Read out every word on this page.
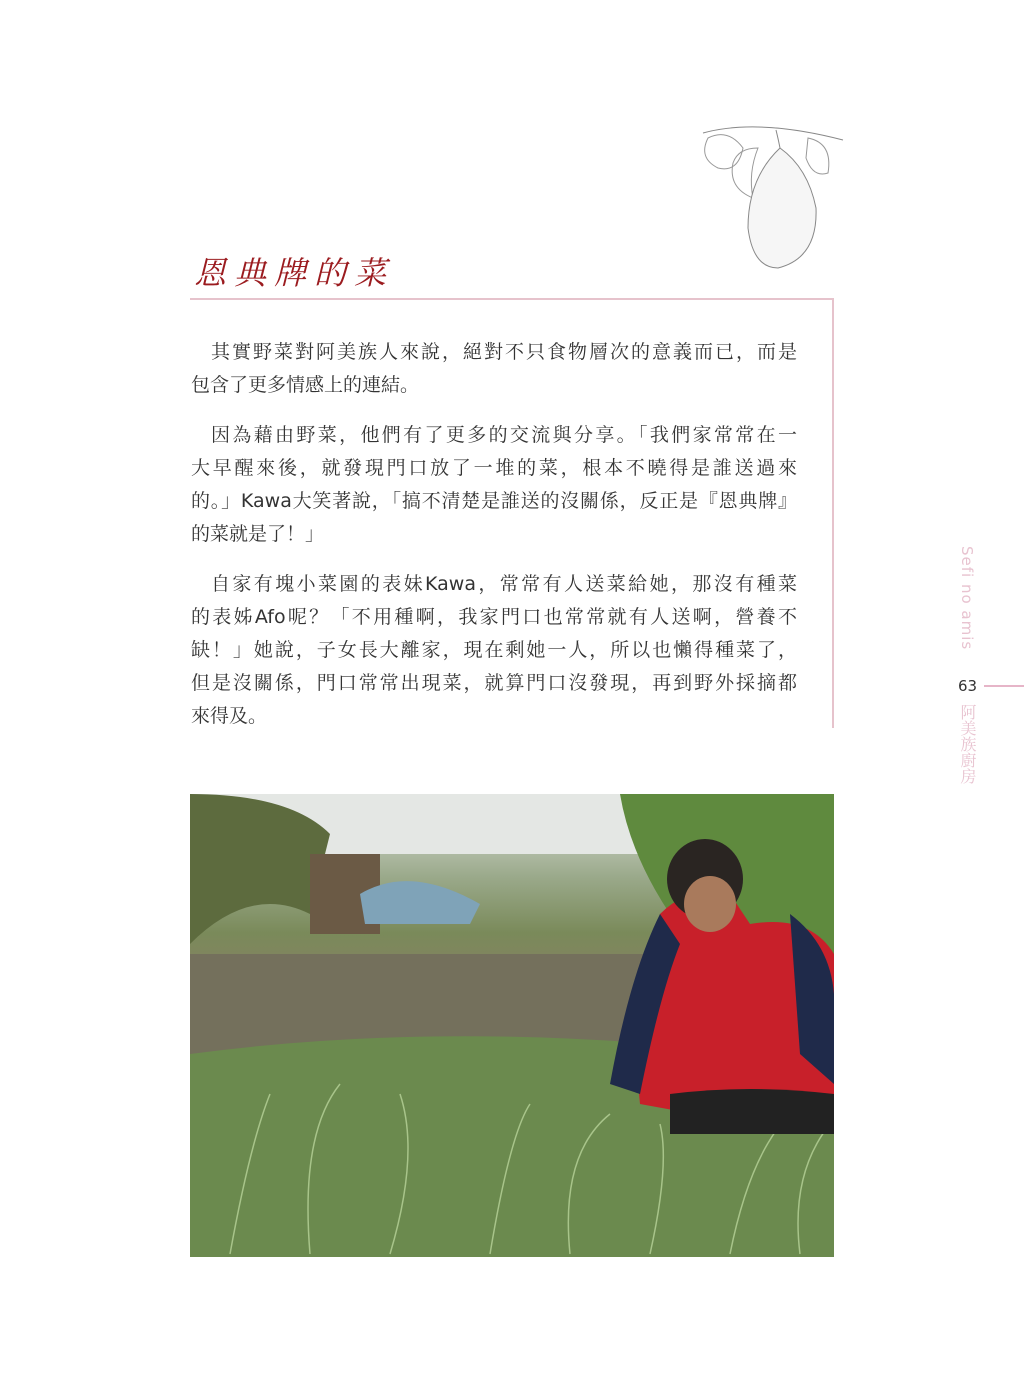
恩典牌的菜
其實野菜對阿美族人來說，絕對不只食物層次的意義而已，而是
包含了更多情感上的連結。
因為藉由野菜，他們有了更多的交流與分享。「我們家常常在一
大早醒來後，就發現門口放了一堆的菜，根本不曉得是誰送過來
的。」Kawa大笑著說，「搞不清楚是誰送的沒關係，反正是『恩典牌』
的菜就是了！」
自家有塊小菜園的表妹Kawa，常常有人送菜給她，那沒有種菜
的表姊Afo呢？「不用種啊，我家門口也常常就有人送啊，營養不
缺！」她說，子女長大離家，現在剩她一人，所以也懶得種菜了，
但是沒關係，門口常常出現菜，就算門口沒發現，再到野外採摘都
來得及。
Sefi no amis
63
阿美族廚房
